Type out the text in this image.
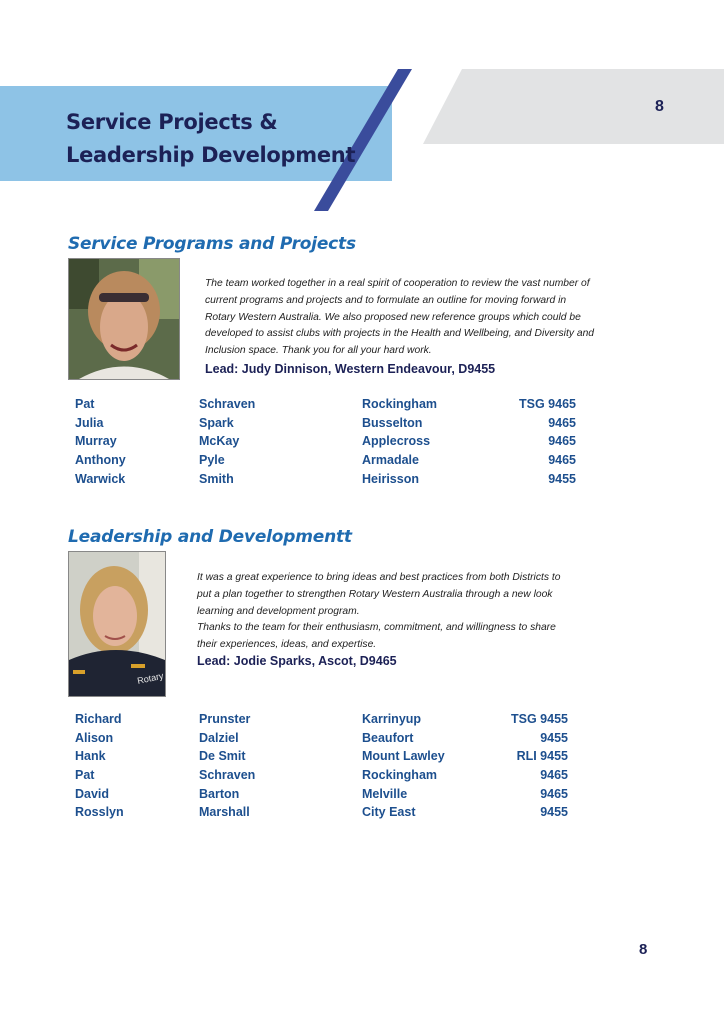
Service Projects &
Leadership Development
8
Service Programs and Projects

The team worked together in a real spirit of cooperation to review the vast number of

current programs and projects and to formulate an outline for moving forward in

Rotary Western Australia. We also proposed new reference groups which could be

developed to assist clubs with projects in the Health and Wellbeing, and Diversity and

Inclusion space. Thank you for all your hard work.

Lead: Judy Dinnison, Western Endeavour, D9455
Pat	Schraven	Rockingham	TSG 9465
Julia	Spark	Busselton	9465
Murray	McKay	Applecross	9465
Anthony	Pyle	Armadale	9465
Warwick	Smith	Heirisson	9455
Leadership and Developmentt
Rotary

It was a great experience to bring ideas and best practices from both Districts to

put a plan together to strengthen Rotary Western Australia through a new look

learning and development program.

Thanks to the team for their enthusiasm, commitment, and willingness to share

their experiences, ideas, and expertise.

Lead: Jodie Sparks, Ascot, D9465
Richard	Prunster	Karrinyup	TSG 9455
Alison	Dalziel	Beaufort	9455
Hank	De Smit	Mount Lawley	RLI 9455
Pat	Schraven	Rockingham	9465
David	Barton	Melville	9465
Rosslyn	Marshall	City East	9455
8
